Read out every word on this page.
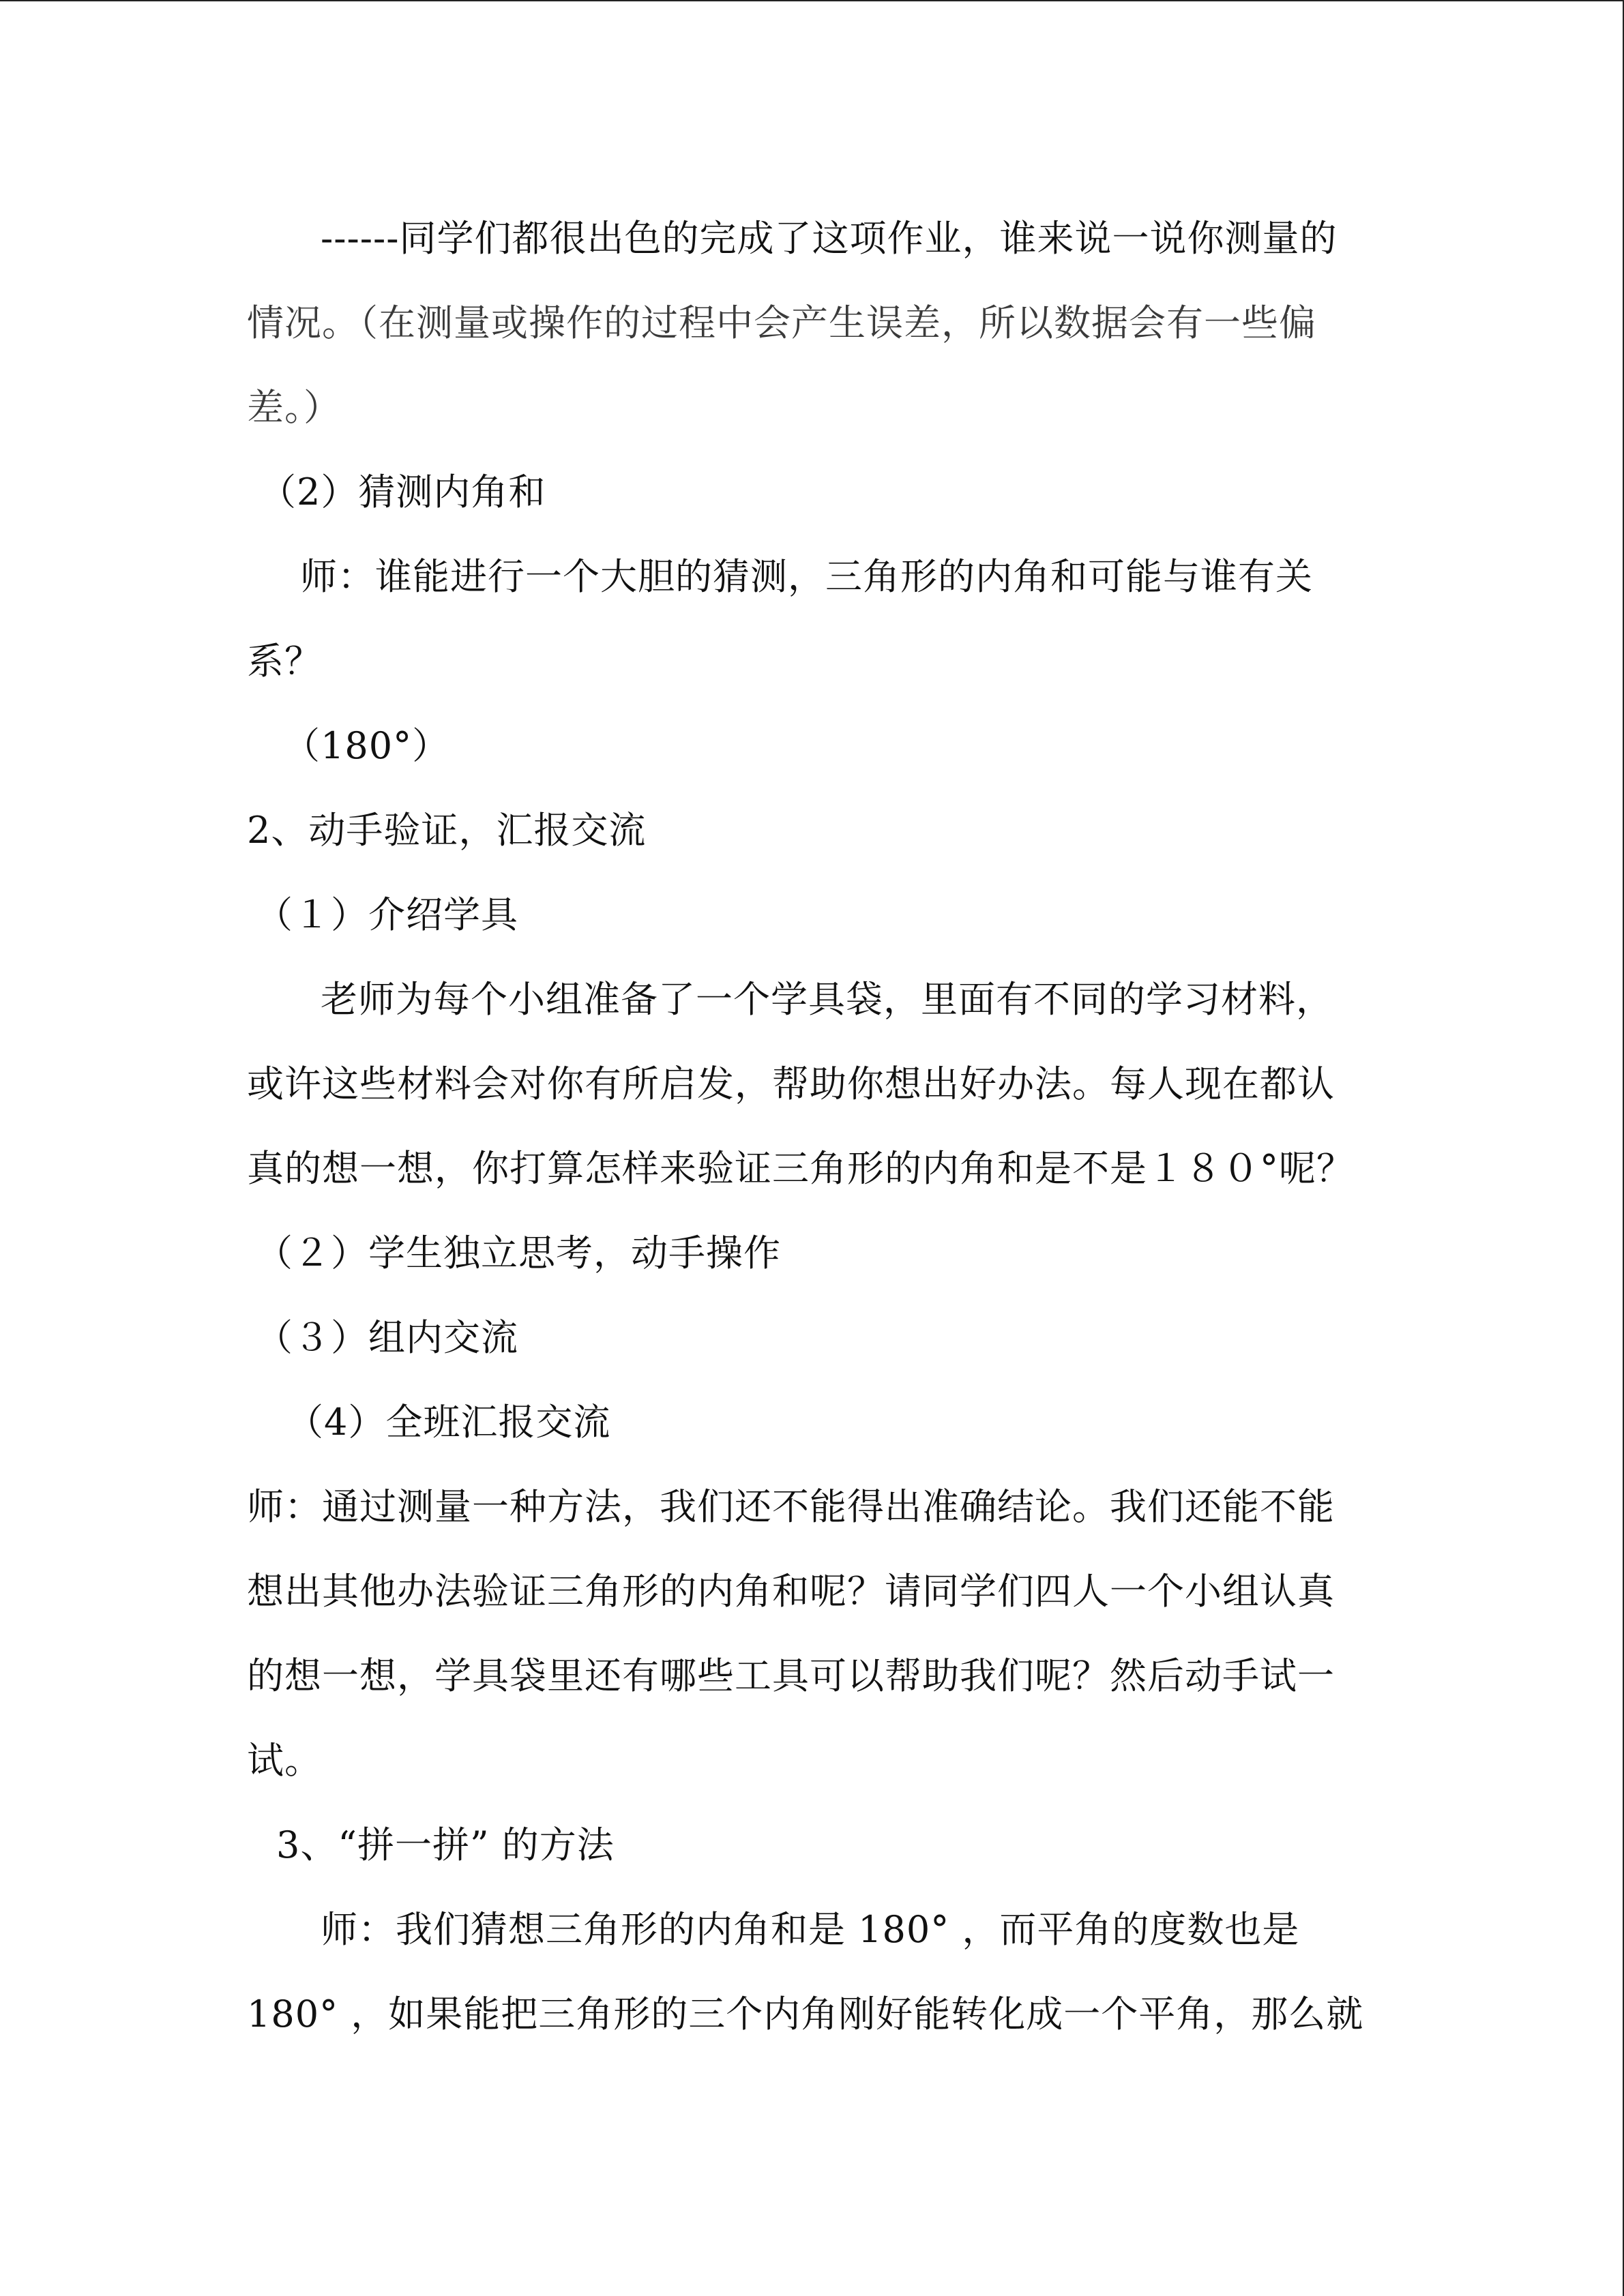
------同学们都很出色的完成了这项作业，谁来说一说你测量的
情况。（在测量或操作的过程中会产生误差，所以数据会有一些偏
差。）
（2）猜测内角和
师：谁能进行一个大胆的猜测，三角形的内角和可能与谁有关
系？
（180°）
2、动手验证，汇报交流
（１）介绍学具
老师为每个小组准备了一个学具袋，里面有不同的学习材料，
或许这些材料会对你有所启发，帮助你想出好办法。每人现在都认
真的想一想，你打算怎样来验证三角形的内角和是不是１８０°呢？
（２）学生独立思考，动手操作
（３）组内交流
（4）全班汇报交流
师：通过测量一种方法，我们还不能得出准确结论。我们还能不能
想出其他办法验证三角形的内角和呢？请同学们四人一个小组认真
的想一想，学具袋里还有哪些工具可以帮助我们呢？然后动手试一
试。
3、“拼一拼” 的方法
师：我们猜想三角形的内角和是 180° ，而平角的度数也是
180° ，如果能把三角形的三个内角刚好能转化成一个平角，那么就
